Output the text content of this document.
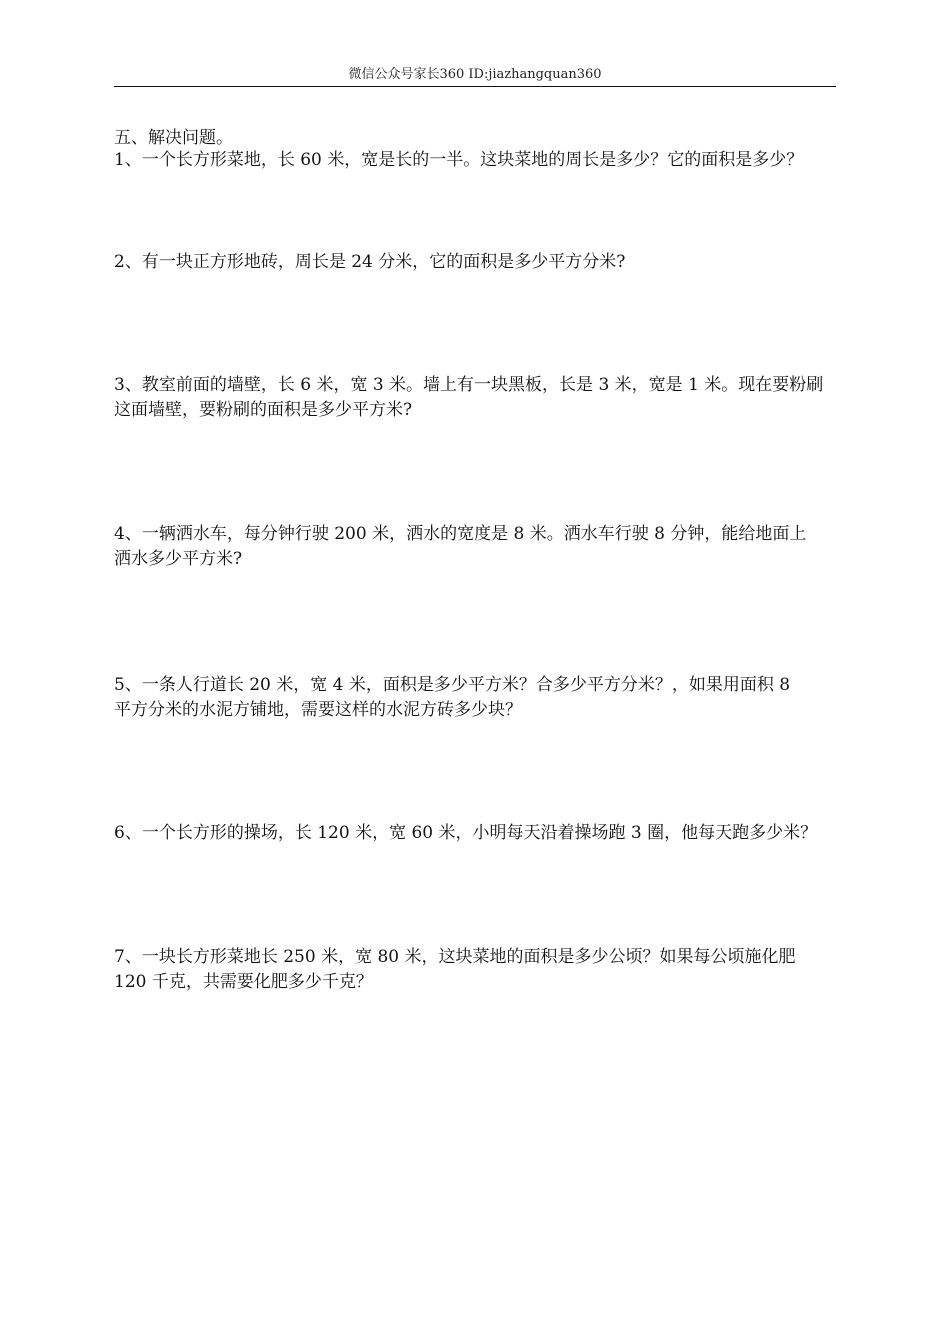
微信公众号家长360 ID:jiazhangquan360
五、解决问题。
1、一个长方形菜地，长 60 米，宽是长的一半。这块菜地的周长是多少？它的面积是多少？
2、有一块正方形地砖，周长是 24 分米，它的面积是多少平方分米?
3、教室前面的墙壁，长 6 米，宽 3 米。墙上有一块黑板，长是 3 米，宽是 1 米。现在要粉刷
这面墙壁，要粉刷的面积是多少平方米?
4、一辆洒水车，每分钟行驶 200 米，洒水的宽度是 8 米。洒水车行驶 8 分钟，能给地面上
洒水多少平方米?
5、一条人行道长 20 米，宽 4 米，面积是多少平方米？合多少平方分米？，如果用面积 8
平方分米的水泥方铺地，需要这样的水泥方砖多少块？
6、一个长方形的操场，长 120 米，宽 60 米，小明每天沿着操场跑 3 圈，他每天跑多少米？
7、一块长方形菜地长 250 米，宽 80 米，这块菜地的面积是多少公顷？如果每公顷施化肥
120 千克，共需要化肥多少千克？
